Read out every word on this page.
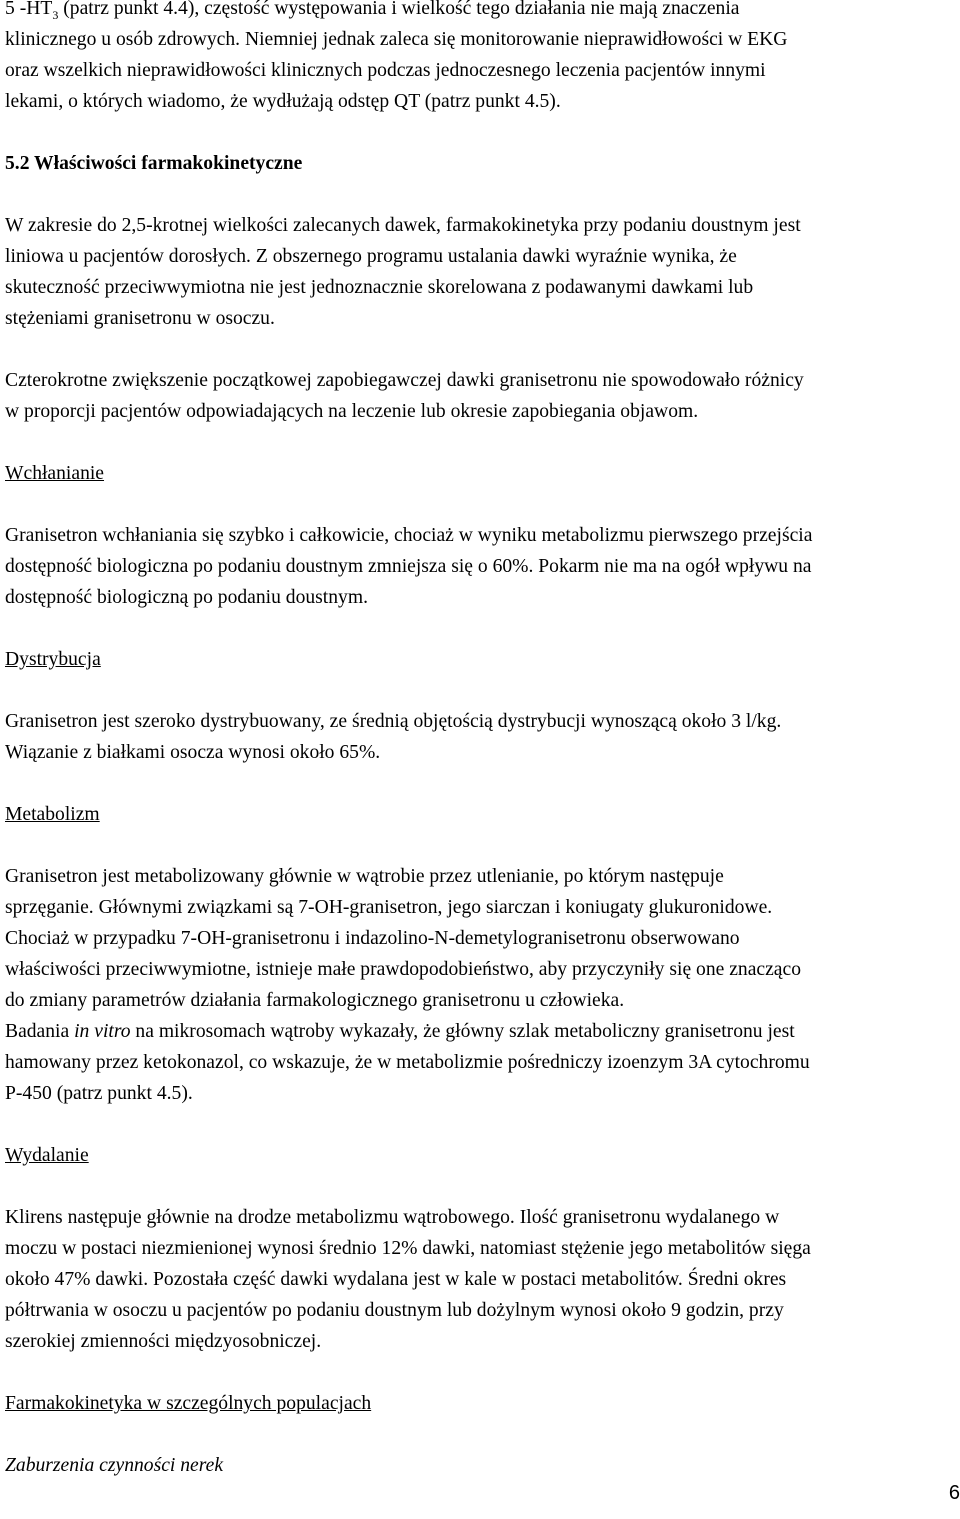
5 $-HT_3$ (patrz punkt 4.4), częstość występowania i wielkość tego działania nie mają znaczenia
klinicznego u osób zdrowych. Niemniej jednak zaleca się monitorowanie nieprawidłowości w EKG
oraz wszelkich nieprawidłowości klinicznych podczas jednoczesnego leczenia pacjentów innymi
lekami, o których wiadomo, że wydłużają odstęp QT (patrz punkt 4.5).
5.2 Właściwości farmakokinetyczne
W zakresie do 2,5-krotnej wielkości zalecanych dawek, farmakokinetyka przy podaniu doustnym jest
liniowa u pacjentów dorosłych. Z obszernego programu ustalania dawki wyraźnie wynika, że
skuteczność przeciwwymiotna nie jest jednoznacznie skorelowana z podawanymi dawkami lub
stężeniami granisetronu w osoczu.
Czterokrotne zwiększenie początkowej zapobiegawczej dawki granisetronu nie spowodowało różnicy
w proporcji pacjentów odpowiadających na leczenie lub okresie zapobiegania objawom.
Wchłanianie
Granisetron wchłaniania się szybko i całkowicie, chociaż w wyniku metabolizmu pierwszego przejścia
dostępność biologiczna po podaniu doustnym zmniejsza się o 60%. Pokarm nie ma na ogół wpływu na
dostępność biologiczną po podaniu doustnym.
Dystrybucja
Granisetron jest szeroko dystrybuowany, ze średnią objętością dystrybucji wynoszącą około 3 l/kg.
Wiązanie z białkami osocza wynosi około 65%.
Metabolizm
Granisetron jest metabolizowany głównie w wątrobie przez utlenianie, po którym następuje
sprzęganie. Głównymi związkami są 7-OH-granisetron, jego siarczan i koniugaty glukuronidowe.
Chociaż w przypadku 7-OH-granisetronu i indazolino-N-demetylogranisetronu obserwowano
właściwości przeciwwymiotne, istnieje małe prawdopodobieństwo, aby przyczyniły się one znacząco
do zmiany parametrów działania farmakologicznego granisetronu u człowieka.
Badania in vitro na mikrosomach wątroby wykazały, że główny szlak metaboliczny granisetronu jest
hamowany przez ketokonazol, co wskazuje, że w metabolizmie pośredniczy izoenzym 3A cytochromu
P-450 (patrz punkt 4.5).
Wydalanie
Klirens następuje głównie na drodze metabolizmu wątrobowego. Ilość granisetronu wydalanego w
moczu w postaci niezmienionej wynosi średnio 12% dawki, natomiast stężenie jego metabolitów sięga
około 47% dawki. Pozostała część dawki wydalana jest w kale w postaci metabolitów. Średni okres
półtrwania w osoczu u pacjentów po podaniu doustnym lub dożylnym wynosi około 9 godzin, przy
szerokiej zmienności międzyosobniczej.
Farmakokinetyka w szczególnych populacjach
Zaburzenia czynności nerek
6
